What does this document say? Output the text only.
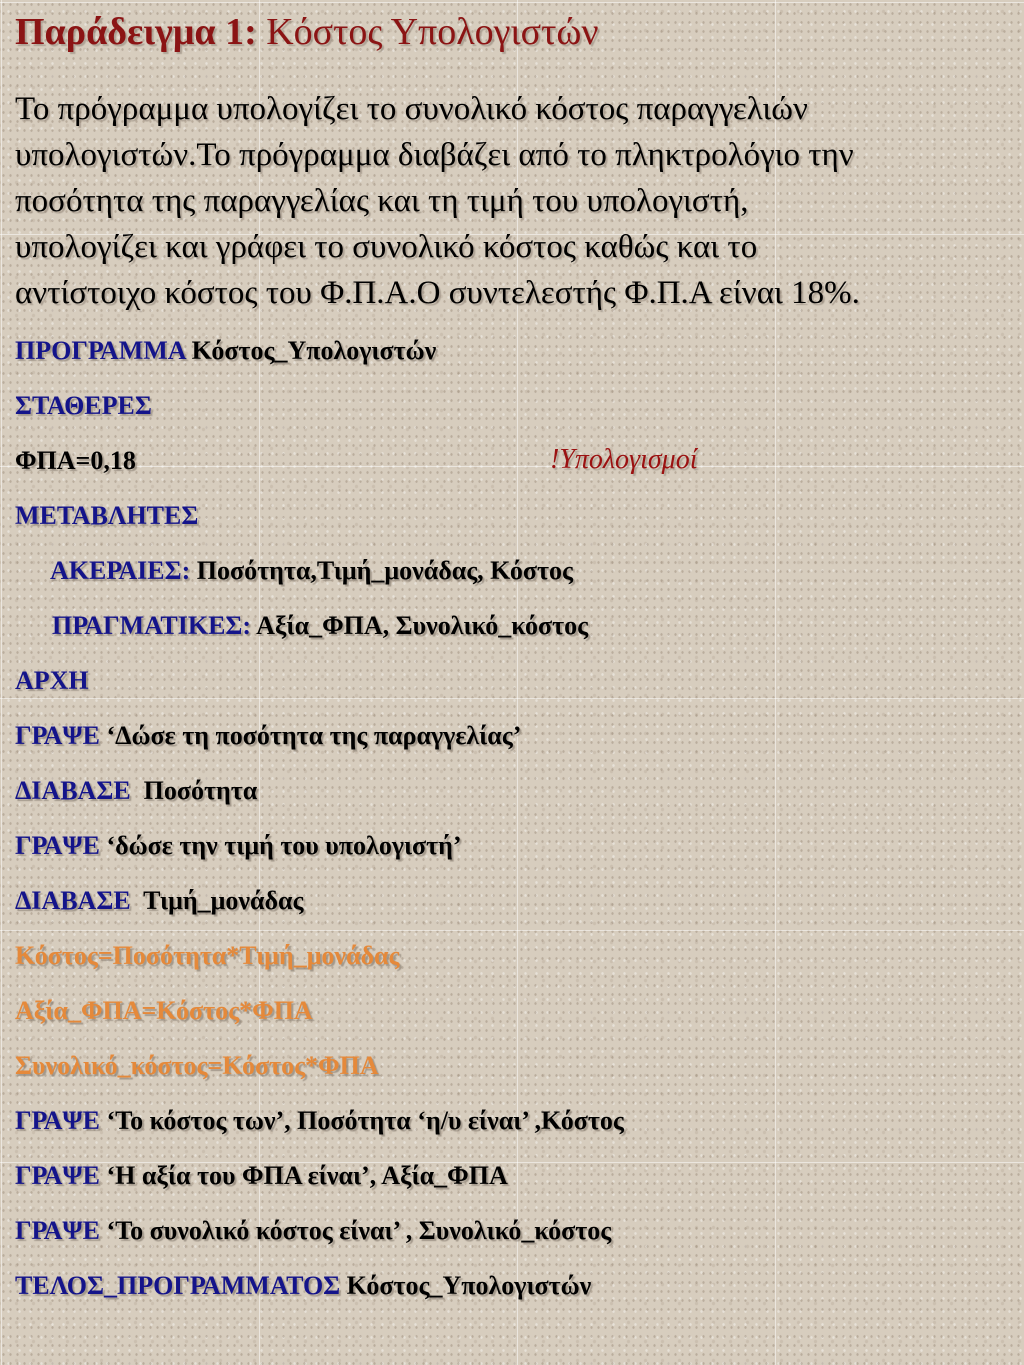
Παράδειγμα 1: Κόστος Υπολογιστών
Το πρόγραμμα υπολογίζει το συνολικό κόστος παραγγελιών
υπολογιστών.Το πρόγραμμα διαβάζει από το πληκτρολόγιο την
ποσότητα της παραγγελίας και τη τιμή του υπολογιστή,
υπολογίζει και γράφει το συνολικό κόστος καθώς και το
αντίστοιχο κόστος του Φ.Π.Α.Ο συντελεστής Φ.Π.Α είναι 18%.
!Υπολογισμοί
ΠΡΟΓΡΑΜΜΑ Κόστος_Υπολογιστών
ΣΤΑΘΕΡΕΣ
ΦΠΑ=0,18
ΜΕΤΑΒΛΗΤΕΣ
ΑΚΕΡΑΙΕΣ: Ποσότητα,Τιμή_μονάδας, Κόστος
ΠΡΑΓΜΑΤΙΚΕΣ: Αξία_ΦΠΑ, Συνολικό_κόστος
ΑΡΧΗ
ΓΡΑΨΕ ‘Δώσε τη ποσότητα της παραγγελίας’
ΔΙΑΒΑΣΕ  Ποσότητα
ΓΡΑΨΕ ‘δώσε την τιμή του υπολογιστή’
ΔΙΑΒΑΣΕ  Τιμή_μονάδας
Κόστος=Ποσότητα*Τιμή_μονάδας
Αξία_ΦΠΑ=Κόστος*ΦΠΑ
Συνολικό_κόστος=Κόστος*ΦΠΑ
ΓΡΑΨΕ ‘Το κόστος των’, Ποσότητα ‘η/υ είναι’ ,Κόστος
ΓΡΑΨΕ ‘Η αξία του ΦΠΑ είναι’, Αξία_ΦΠΑ
ΓΡΑΨΕ ‘Το συνολικό κόστος είναι’ , Συνολικό_κόστος
ΤΕΛΟΣ_ΠΡΟΓΡΑΜΜΑΤΟΣ Κόστος_Υπολογιστών
